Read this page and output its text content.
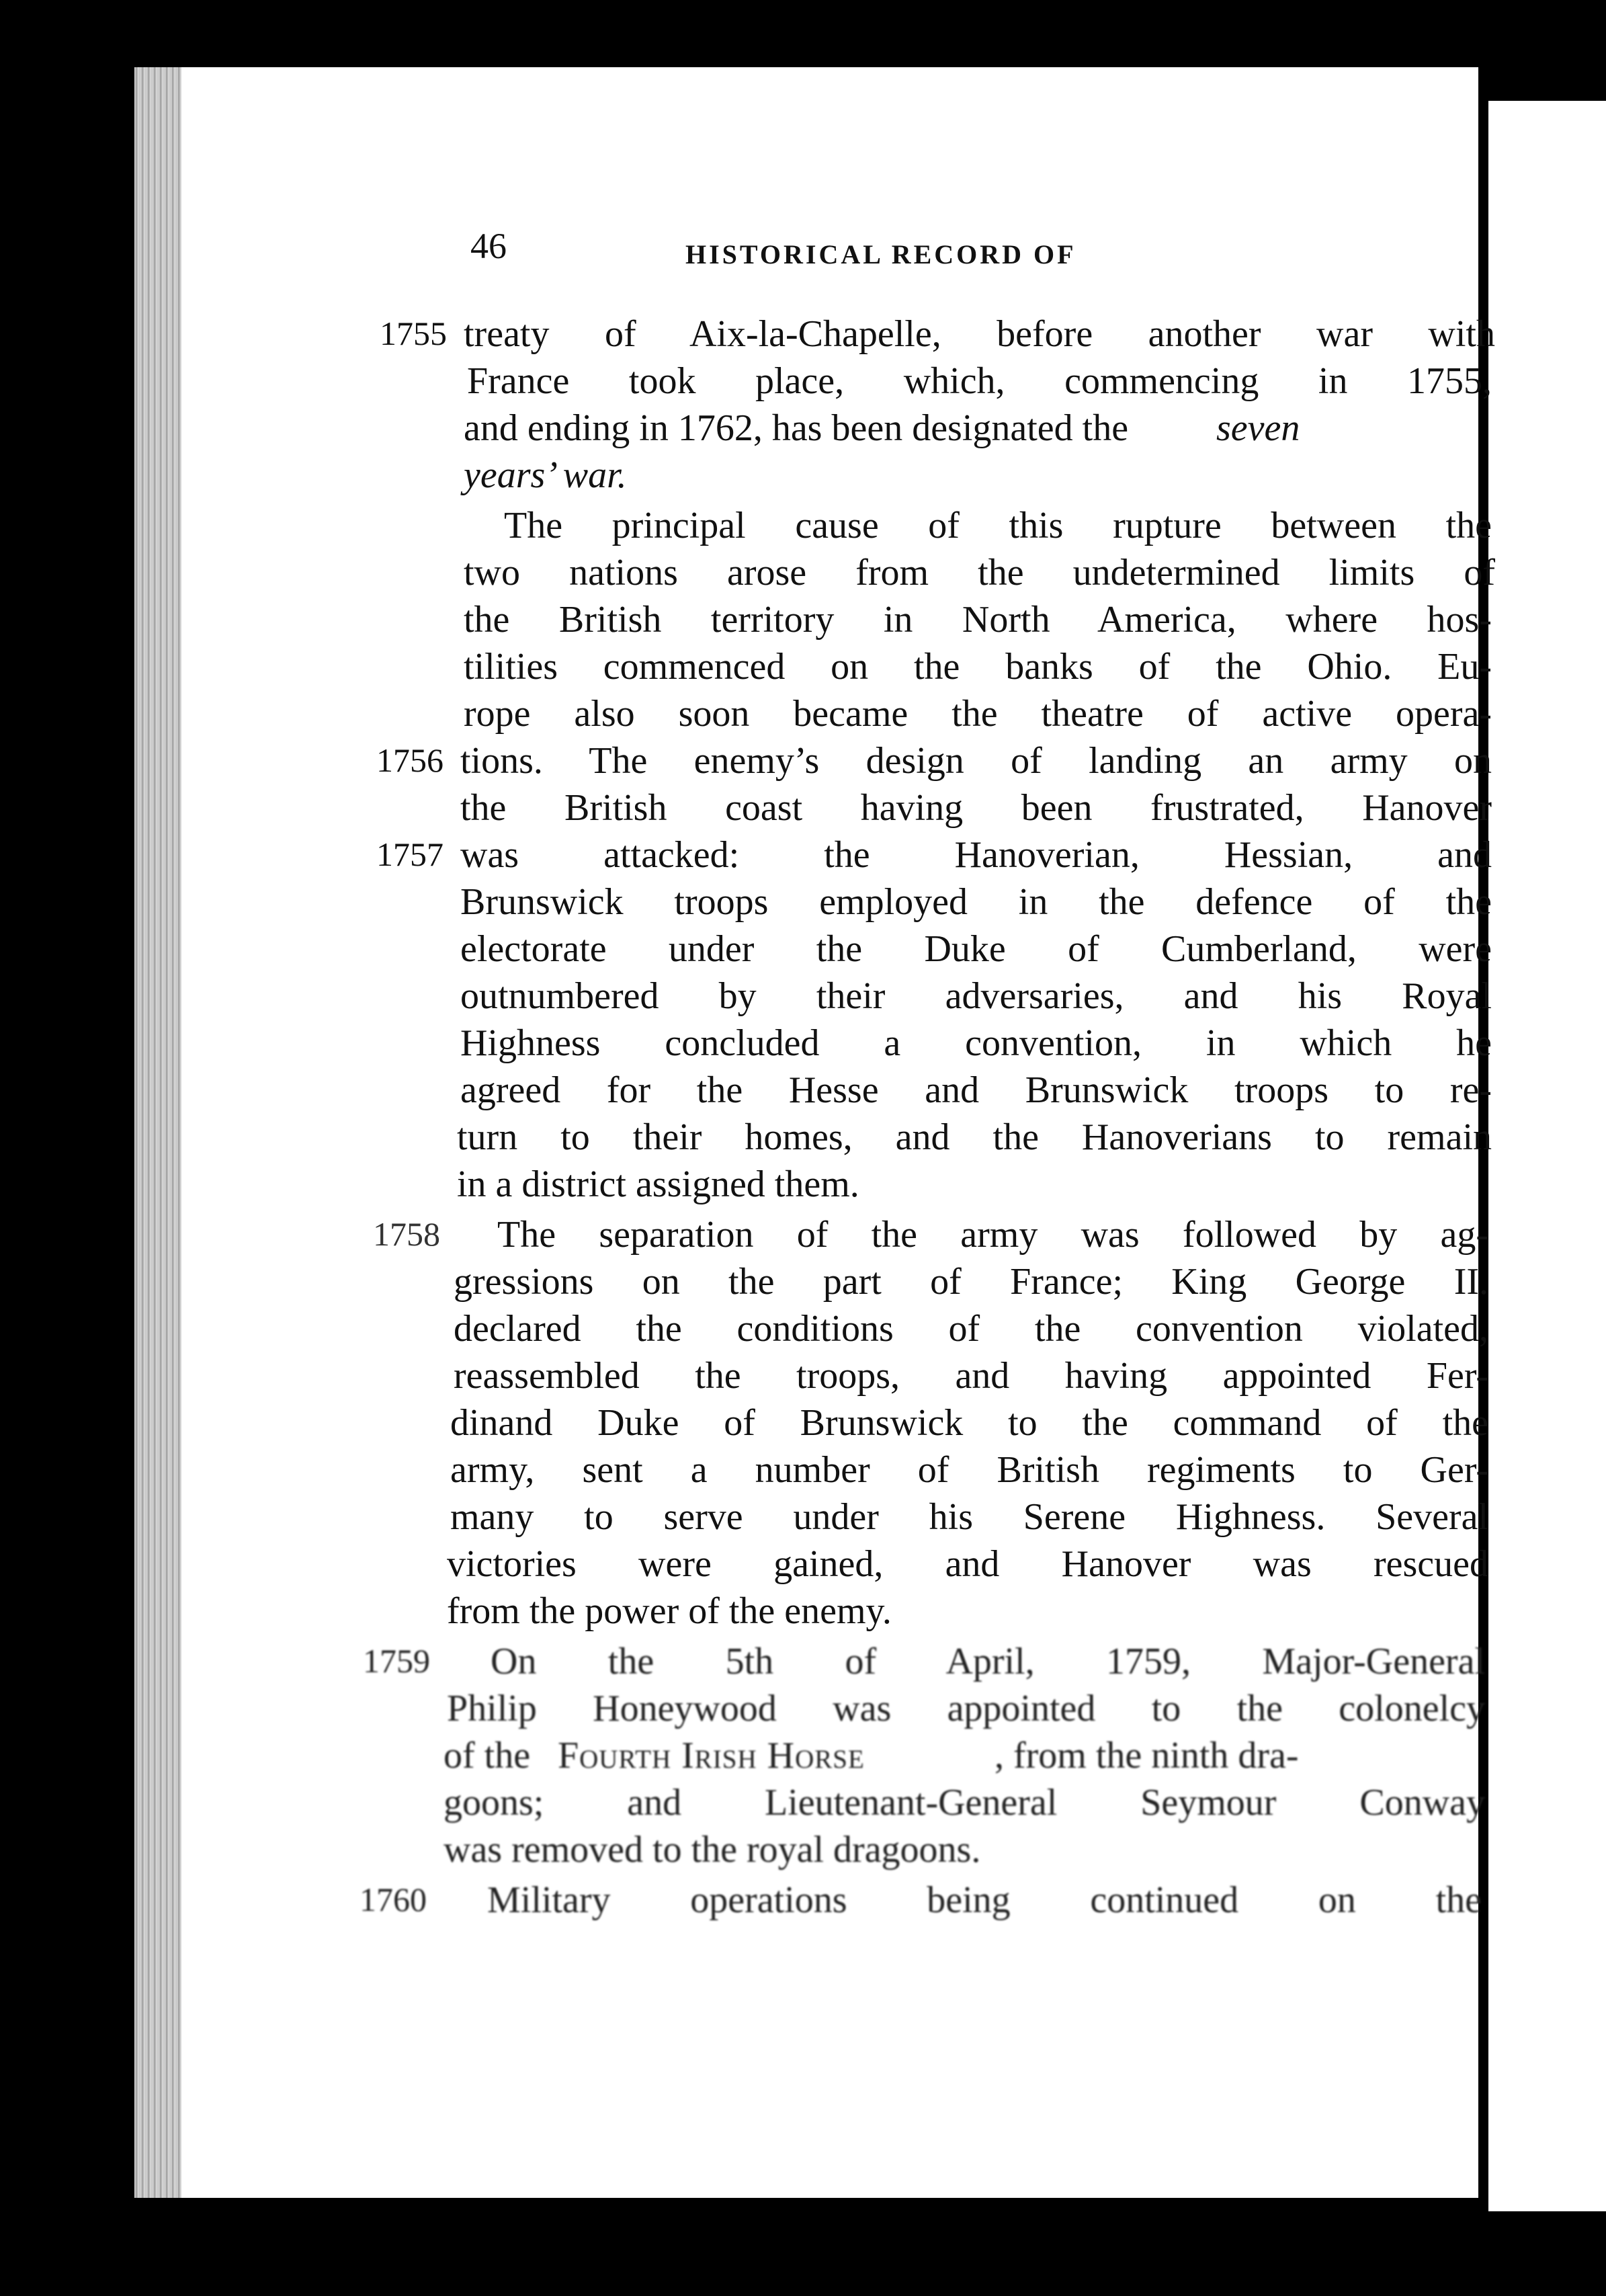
46	HISTORICAL RECORD OF
1755 treaty of Aix-la-Chapelle, before another war with
France took place, which, commencing in 1755,
and ending in 1762, has been designated the seven
years’ war.
The principal cause of this rupture between the
two nations arose from the undetermined limits of
the British territory in North America, where hos-
tilities commenced on the banks of the Ohio. Eu-
rope also soon became the theatre of active opera-
1756 tions. The enemy’s design of landing an army on
the British coast having been frustrated, Hanover
1757 was attacked: the Hanoverian, Hessian, and
Brunswick troops employed in the defence of the
electorate under the Duke of Cumberland, were
outnumbered by their adversaries, and his Royal
Highness concluded a convention, in which he
agreed for the Hesse and Brunswick troops to re-
turn to their homes, and the Hanoverians to remain
in a district assigned them.
1758 The separation of the army was followed by ag-
gressions on the part of France; King George II.
declared the conditions of the convention violated,
reassembled the troops, and having appointed Fer-
dinand Duke of Brunswick to the command of the
army, sent a number of British regiments to Ger-
many to serve under his Serene Highness. Several
victories were gained, and Hanover was rescued
from the power of the enemy.
1759 On the 5th of April, 1759, Major-General
Philip Honeywood was appointed to the colonelcy
of the Fourth Irish Horse	, from the ninth dra-
goons; and Lieutenant-General Seymour Conway
was removed to the royal dragoons.
1760 Military operations being continued on the
